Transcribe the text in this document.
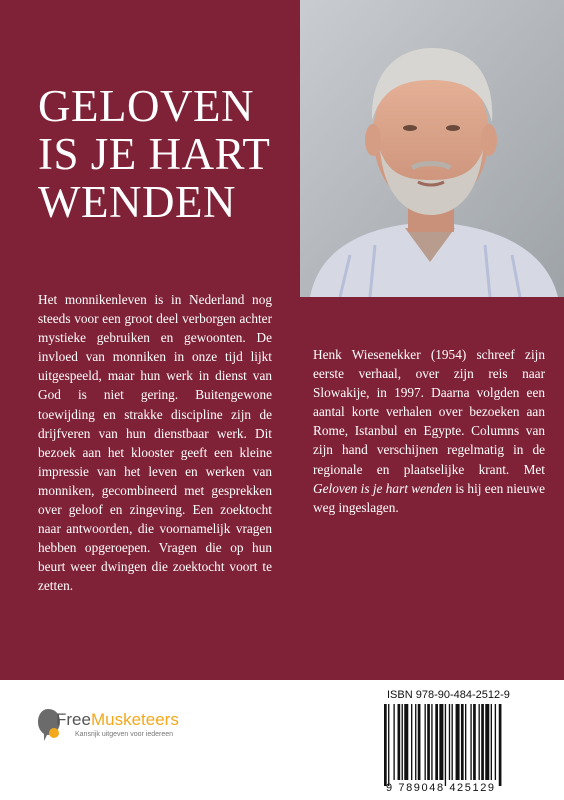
GELOVEN
IS JE HART
WENDEN
Het monnikenleven is in Nederland nog steeds voor een groot deel verborgen achter mystieke gebruiken en gewoonten. De invloed van monniken in onze tijd lijkt uitgespeeld, maar hun werk in dienst van God is niet gering. Buitengewone toewijding en strakke discipline zijn de drijfveren van hun dienstbaar werk. Dit bezoek aan het klooster geeft een kleine impressie van het leven en werken van monniken, gecombineerd met gesprekken over geloof en zingeving. Een zoektocht naar antwoorden, die voornamelijk vragen hebben opgeroepen. Vragen die op hun beurt weer dwingen die zoektocht voort te zetten.
Henk Wiesenekker (1954) schreef zijn eerste verhaal, over zijn reis naar Slowakije, in 1997. Daarna volgden een aantal korte verhalen over bezoeken aan Rome, Istanbul en Egypte. Columns van zijn hand verschijnen regelmatig in de regionale en plaatselijke krant. Met Geloven is je hart wenden is hij een nieuwe weg ingeslagen.
FreeMusketeers
Kansrijk uitgeven voor iedereen
ISBN 978-90-484-2512-9
9 789048 425129
